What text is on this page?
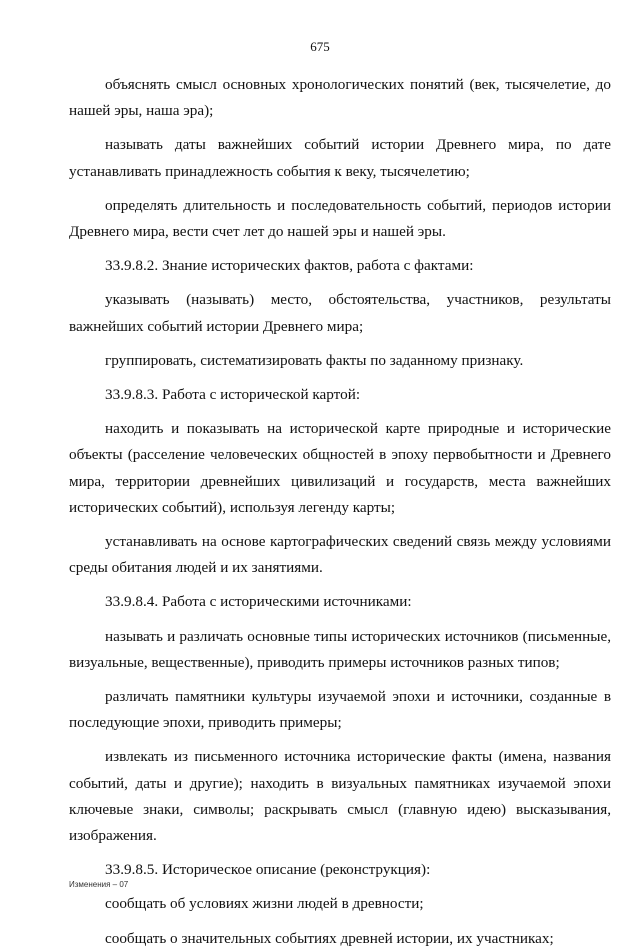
675

объяснять смысл основных хронологических понятий (век, тысячелетие, до нашей эры, наша эра);

называть даты важнейших событий истории Древнего мира, по дате устанавливать принадлежность события к веку, тысячелетию;

определять длительность и последовательность событий, периодов истории Древнего мира, вести счет лет до нашей эры и нашей эры.

33.9.8.2. Знание исторических фактов, работа с фактами:

указывать (называть) место, обстоятельства, участников, результаты важнейших событий истории Древнего мира;

группировать, систематизировать факты по заданному признаку.

33.9.8.3. Работа с исторической картой:

находить и показывать на исторической карте природные и исторические объекты (расселение человеческих общностей в эпоху первобытности и Древнего мира, территории древнейших цивилизаций и государств, места важнейших исторических событий), используя легенду карты;

устанавливать на основе картографических сведений связь между условиями среды обитания людей и их занятиями.

33.9.8.4. Работа с историческими источниками:

называть и различать основные типы исторических источников (письменные, визуальные, вещественные), приводить примеры источников разных типов;

различать памятники культуры изучаемой эпохи и источники, созданные в последующие эпохи, приводить примеры;

извлекать из письменного источника исторические факты (имена, названия событий, даты и другие); находить в визуальных памятниках изучаемой эпохи ключевые знаки, символы; раскрывать смысл (главную идею) высказывания, изображения.

33.9.8.5. Историческое описание (реконструкция):

сообщать об условиях жизни людей в древности;

сообщать о значительных событиях древней истории, их участниках;

Изменения – 07
